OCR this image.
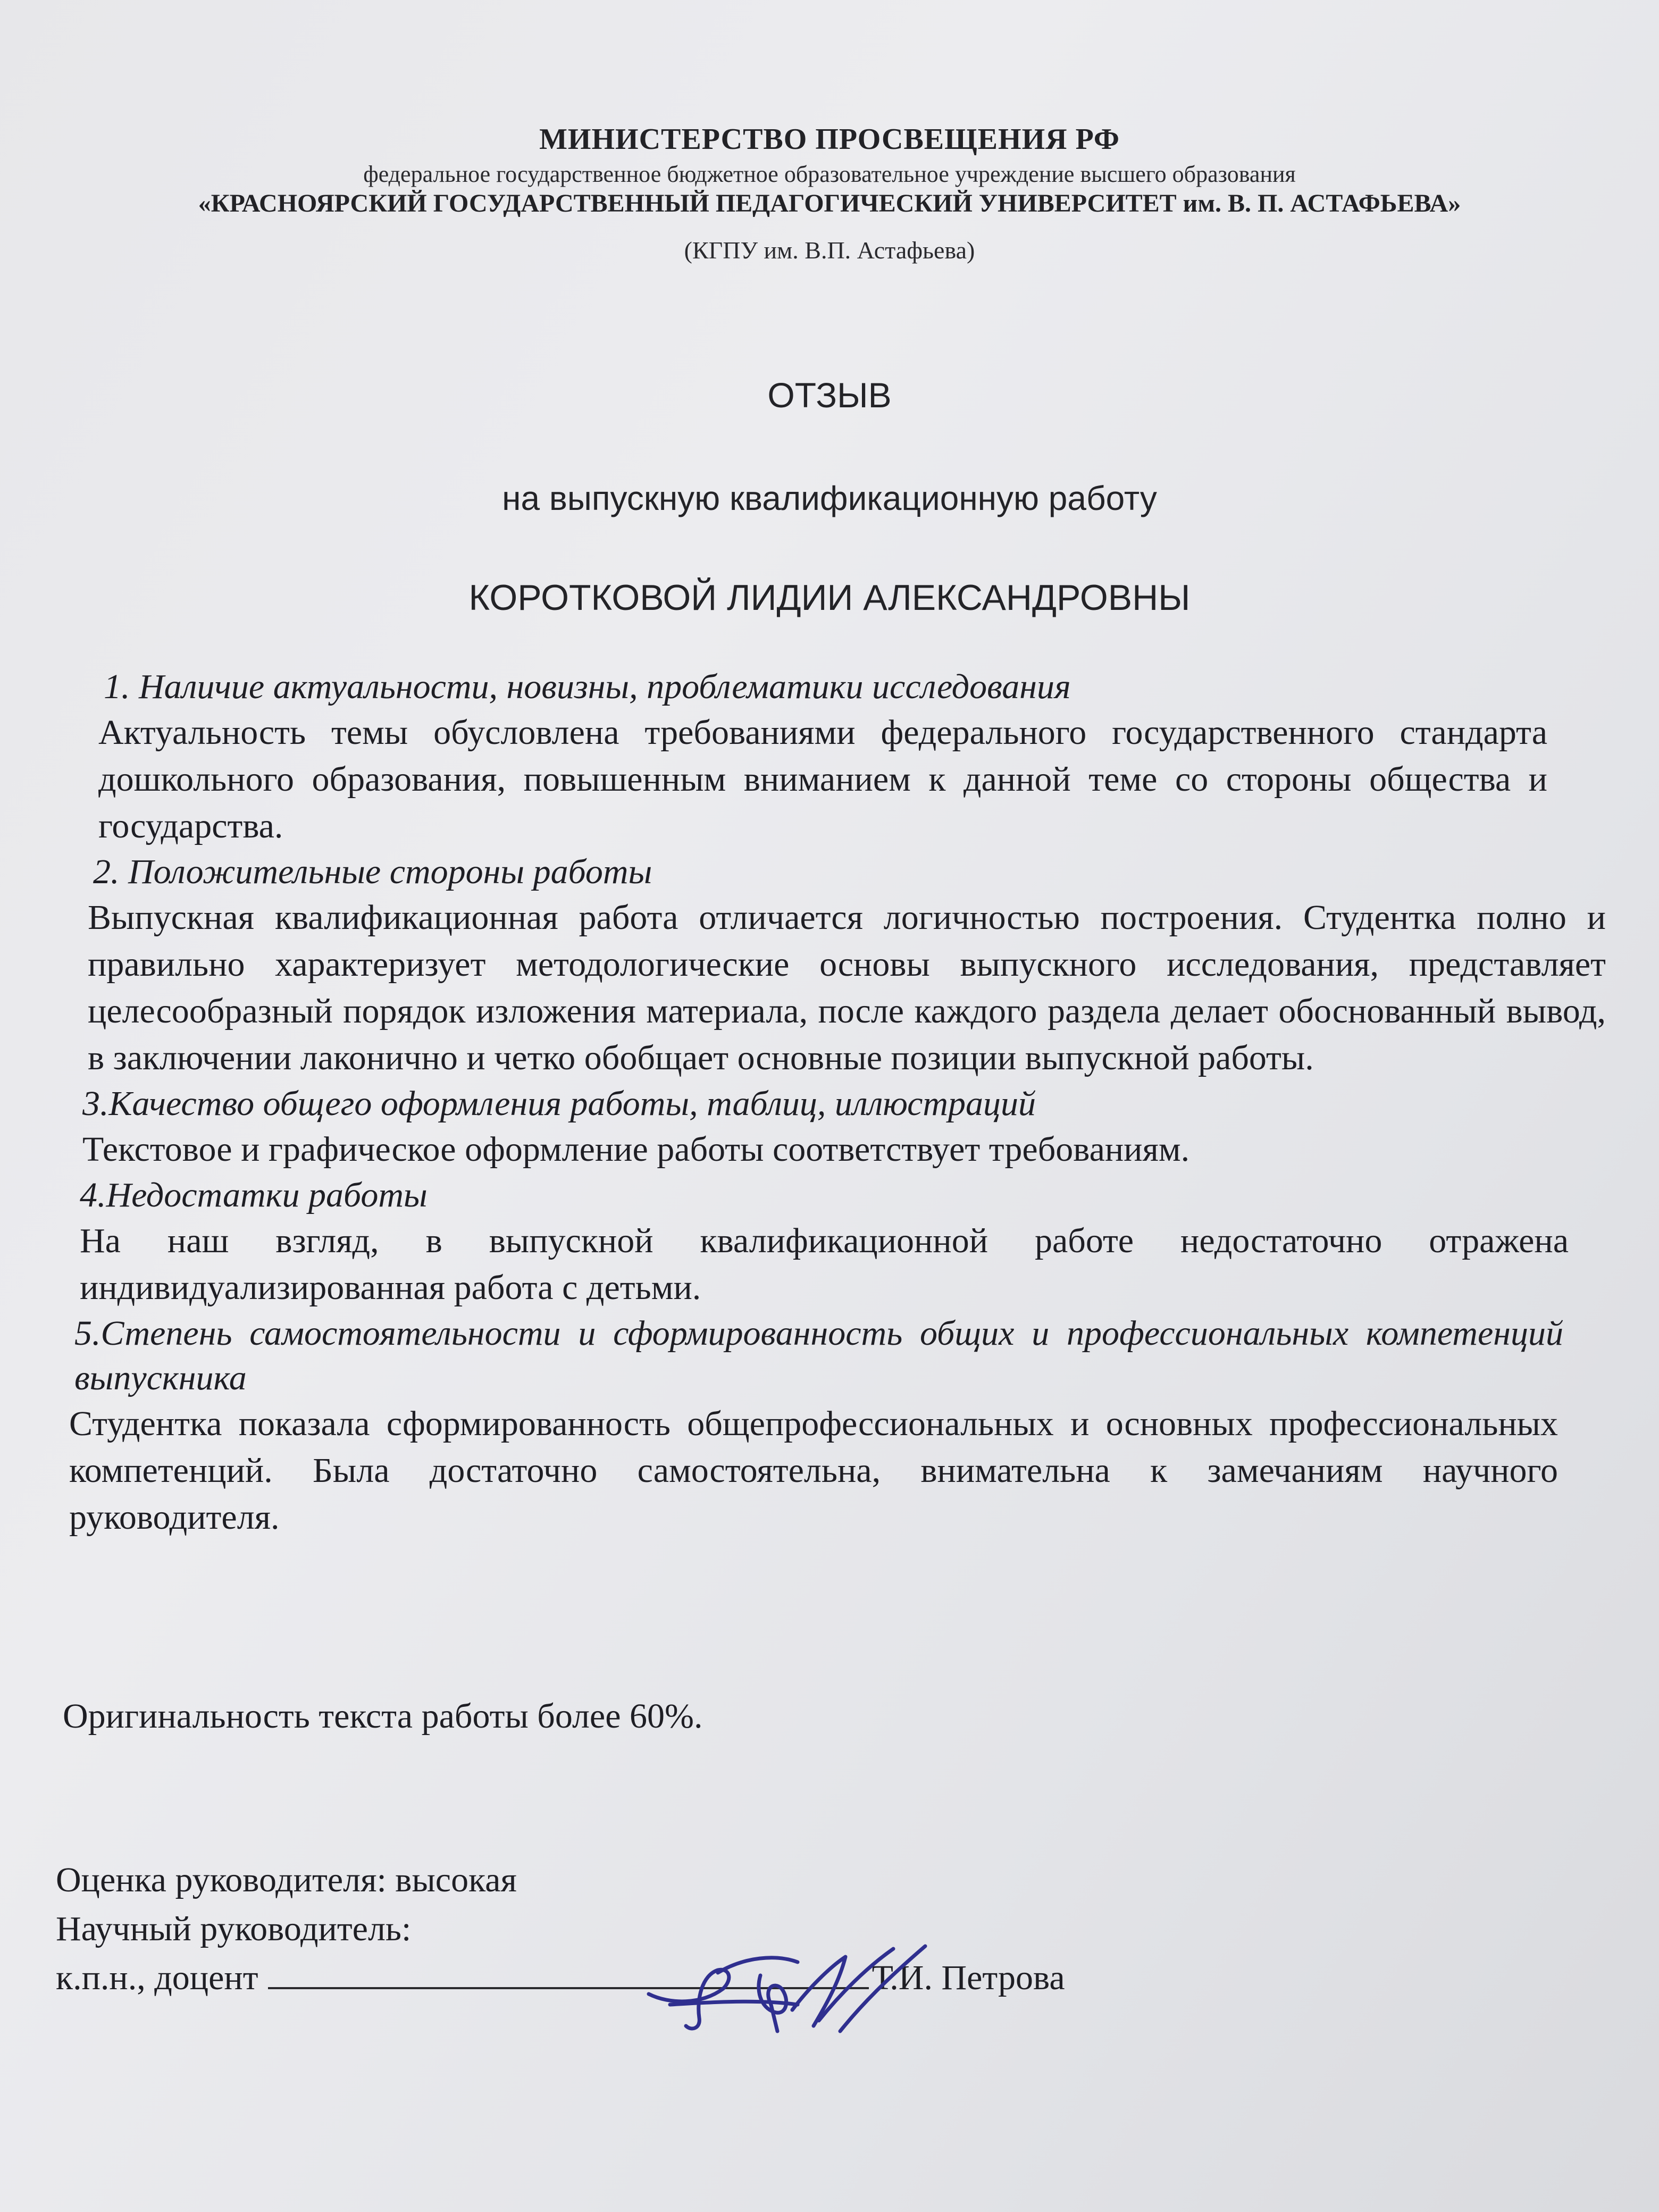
МИНИСТЕРСТВО ПРОСВЕЩЕНИЯ РФ
федеральное государственное бюджетное образовательное учреждение высшего образования
«КРАСНОЯРСКИЙ ГОСУДАРСТВЕННЫЙ ПЕДАГОГИЧЕСКИЙ УНИВЕРСИТЕТ им. В. П. АСТАФЬЕВА»
(КГПУ им. В.П. Астафьева)
ОТЗЫВ
на выпускную квалификационную работу
КОРОТКОВОЙ ЛИДИИ АЛЕКСАНДРОВНЫ
1. Наличие актуальности, новизны, проблематики исследования
Актуальность темы обусловлена требованиями федерального государственного стандарта дошкольного образования, повышенным вниманием к данной теме со стороны общества и государства.
2. Положительные стороны работы
Выпускная квалификационная работа отличается логичностью построения. Студентка полно и правильно характеризует методологические основы выпускного исследования, представляет целесообразный порядок изложения материала, после каждого раздела делает обоснованный вывод, в заключении лаконично и четко обобщает основные позиции выпускной работы.
3.Качество общего оформления работы, таблиц, иллюстраций
Текстовое и графическое оформление работы соответствует требованиям.
4.Недостатки работы
На наш взгляд, в выпускной квалификационной работе недостаточно отражена индивидуализированная работа с детьми.
5.Степень самостоятельности и сформированность общих и профессиональных компетенций выпускника
Студентка показала сформированность общепрофессиональных и основных профессиональных компетенций. Была достаточно самостоятельна, внимательна к замечаниям научного руководителя.
Оригинальность текста работы более 60%.
Оценка руководителя: высокая
Научный руководитель:
к.п.н., доцент	Т.И. Петрова
